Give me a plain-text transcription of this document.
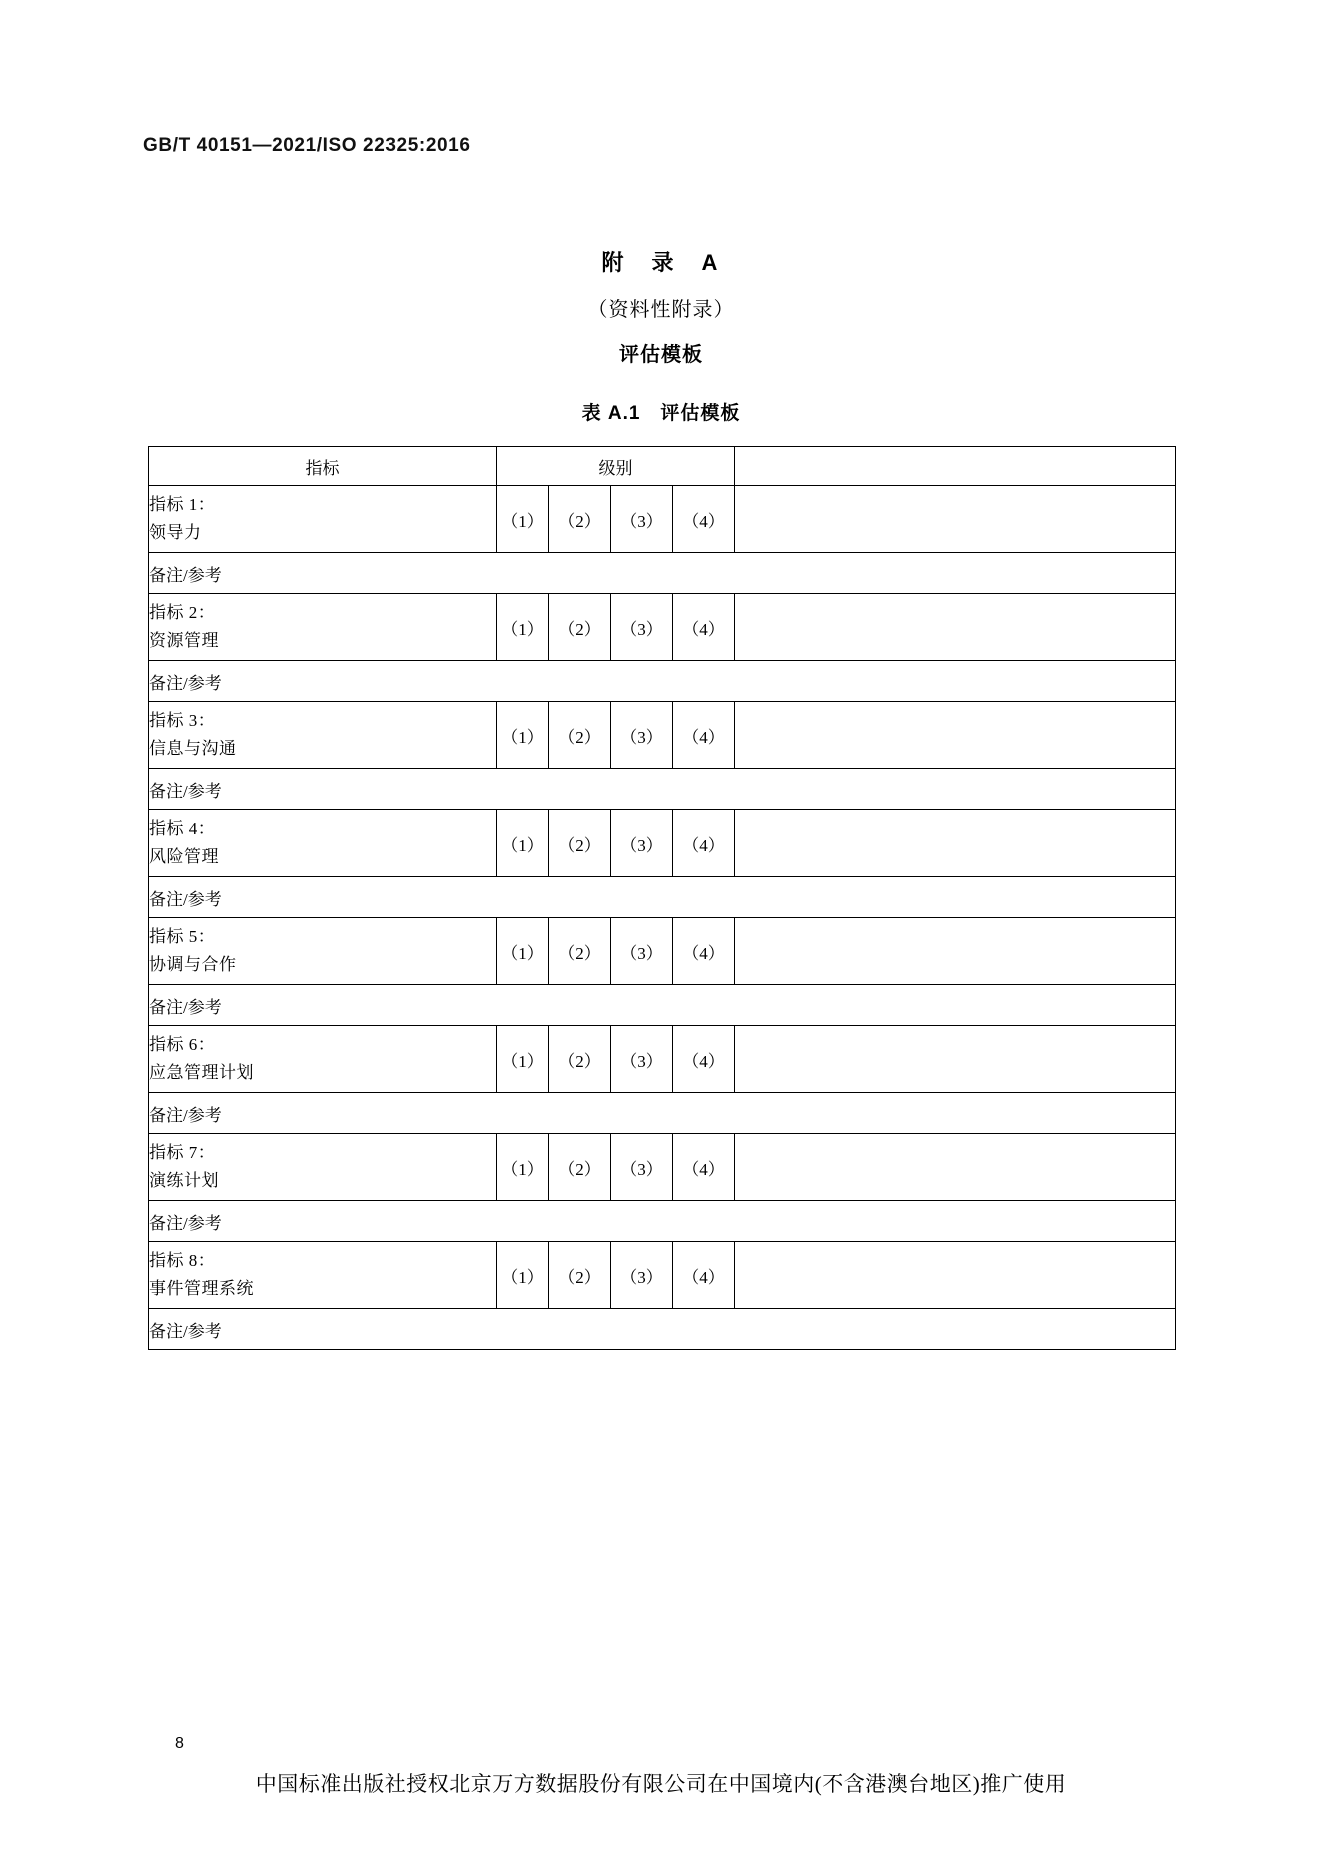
GB/T 40151—2021/ISO 22325:2016
附　录　A
（资料性附录）
评估模板
表 A.1　评估模板
指标	级别				

指标 1：
领导力	（1）	（2）	（3）	（4）	
备注/参考					

指标 2：
资源管理	（1）	（2）	（3）	（4）	
备注/参考					

指标 3：
信息与沟通	（1）	（2）	（3）	（4）	
备注/参考					

指标 4：
风险管理	（1）	（2）	（3）	（4）	
备注/参考					

指标 5：
协调与合作	（1）	（2）	（3）	（4）	
备注/参考					

指标 6：
应急管理计划	（1）	（2）	（3）	（4）	
备注/参考					

指标 7：
演练计划	（1）	（2）	（3）	（4）	
备注/参考					

指标 8：
事件管理系统	（1）	（2）	（3）	（4）	
备注/参考					
8
中国标准出版社授权北京万方数据股份有限公司在中国境内(不含港澳台地区)推广使用
